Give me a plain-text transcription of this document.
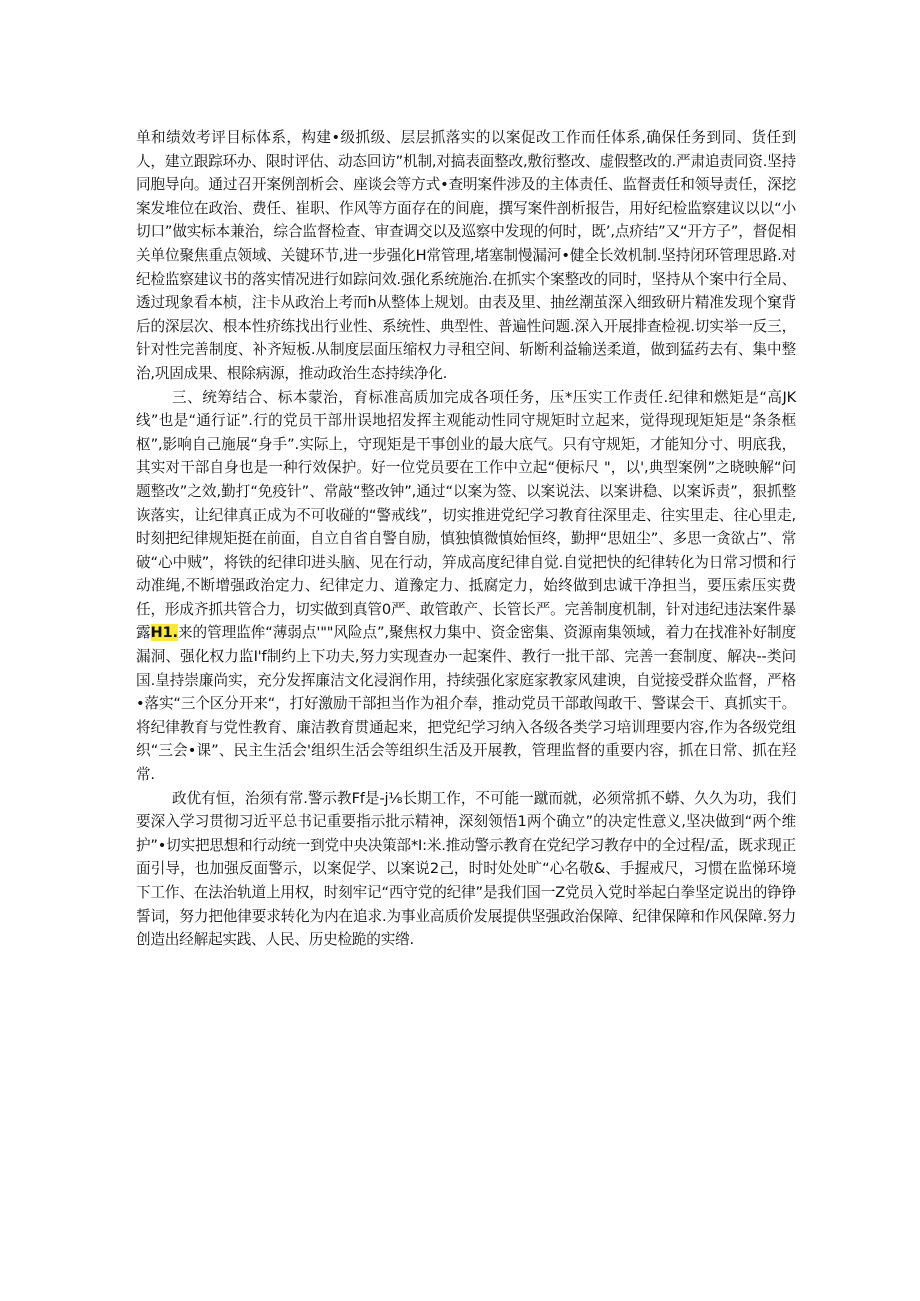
单和绩效考评目标体系，构建•级抓级、层层抓落实的以案促改工作而任体系,确保任务到同、货任到人，建立跟踪环办、限时评估、动态回访”机制,对搞表面整改,敷衍整改、虚假整改的.严肃追责同资.坚持同胞导向。通过召开案例剖析会、座谈会等方式•查明案件涉及的主体责任、监督责任和领导责任，深挖案发堆位在政治、费任、崔职、作风等方面存在的间鹿，撰写案件剖析报告，用好纪检监察建议以以“小切口”做实标本兼治，综合监督检查、审查调交以及巡察中发现的何时，既’,点疥结”又“开方子”，督促相关单位聚焦重点领域、关键环节,进一步强化H常管理,堵塞制慢漏河•健全长效机制.坚持闭环管理思路.对纪检监察建议书的落实情况进行如踪问效.强化系统施治.在抓实个案整改的同时，坚持从个案中行全局、透过现象看本桢，注卡从政治上考而h从整体上规划。由表及里、抽丝潮茧深入细致研片精准发现个窠背后的深层次、根本性疥练找出行业性、系统性、典型性、普遍性问题.深入开展排查检视.切实举一反三，针对性完善制度、补齐短板.从制度层面压缩权力寻租空间、斩断利益输送柔道，做到猛药去有、集中整治,巩固成果、根除病源，推动政治生态持续净化.

三、统筹结合、标本蒙治，育标准高质加完成各项任务，压*压实工作责任.纪律和燃矩是“高JK线”也是“通行证”.行的党员干部卅误地招发挥主观能动性同守规矩时立起来，觉得现现矩矩是“条条框枢”,影响自己施展“身手”.实际上，守现矩是干事创业的最大底气。只有守规矩，才能知分寸、明底我，其实对干部自身也是一种行效保护。好一位党员要在工作中立起“便标尺 "，以',典型案例”之晓映解“问题整改”之效,勤打“免疫针”、常敲“整改钟”,通过“以案为签、以案说法、以案讲稳、以案诉责”，狠抓整诙落实，让纪律真正成为不可收碰的“警戒线”，切实推进党纪学习教育往深里走、往实里走、往心里走,时刻把纪律规矩挺在前面，自立自省自警自励，慎独慎微慎始恒终，勤押“思妞尘”、多思一贪欲占”、常破“心中贼”，将铁的纪律印进头脑、见在行动，笄成高度纪律自觉.自觉把快的纪律转化为日常习惯和行动准绳,不断增强政治定力、纪律定力、道豫定力、抵腐定力，始终做到忠诚干净担当，要压索压实费任，形成齐抓共管合力，切实做到真管0严、敢管敢产、长管长严。完善制度机制，针对违纪违法案件暴露H1.来的管理监侔“薄弱点'""风险点”,聚焦权力集中、资金密集、资源南集领域，着力在找准补好制度漏洞、强化权力监I'f制约上下功夫,努力实现查办一起案件、教行一批干部、完善一套制度、解决--类问国.皇持崇廉尚实，充分发挥廉洁文化浸润作用，持续强化家庭家教家风建谀，自觉接受群众监督，严格•落实“三个区分开来“，打好激励干部担当作为祖介奉，推动党员干部敢闯敢干、警谋会干、真抓实干。将纪律教育与党性教育、廉洁教育贯通起来，把党纪学习纳入各级各类学习培训理要内容,作为各级党组织“三会•课”、民主生活会'组织生活会等组织生活及开展教，管理监督的重要内容，抓在日常、抓在羟常.

政优有恒，治须有常.警示教Ff是-j⅛长期工作，不可能一蹴而就，必须常抓不蟒、久久为功，我们要深入学习贯彻习近平总书记重要指示批示精神，深刻领悟1两个确立”的决定性意义,坚决做到“两个维护”•切实把思想和行动统一到党中央决策部*I:米.推动警示教育在党纪学习教存中的全过程/孟，既求现正面引导，也加强反面警示，以案促学、以案说2己，时时处处旷“心名敬&、手握戒尺，习惯在监悌环境下工作、在法治轨道上用权，时刻牢记“西守党的纪律”是我们国一Z党员入党时举起白拳坚定说出的铮铮誓词，努力把他律要求转化为内在追求.为事业高质价发展提供坚强政治保障、纪律保障和作风保障.努力创造出经解起实践、人民、历史检跪的实绺.
